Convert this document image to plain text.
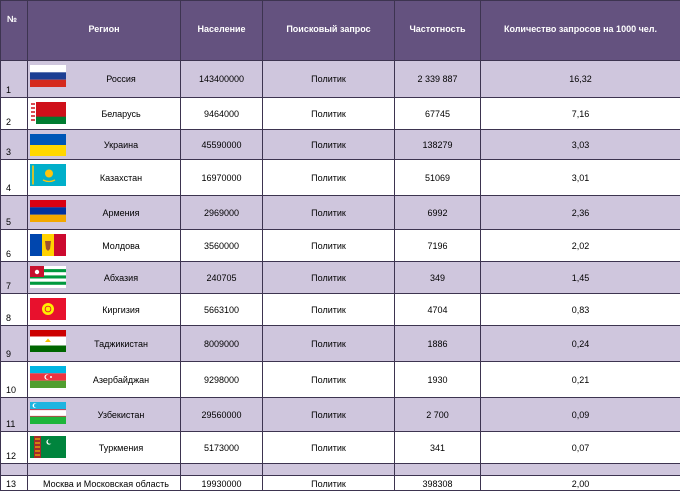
№	Регион	Население	Поисковый запрос	Частотность	Количество запросов на 1000 чел.
1	Россия	143400000	Политик	2 339 887	16,32
2	Беларусь	9464000	Политик	67745	7,16
3	Украина	45590000	Политик	138279	3,03
4	Казахстан	16970000	Политик	51069	3,01
5	Армения	2969000	Политик	6992	2,36
6	Молдова	3560000	Политик	7196	2,02
7	Абхазия	240705	Политик	349	1,45
8	Киргизия	5663100	Политик	4704	0,83
9	Таджикистан	8009000	Политик	1886	0,24
10	Азербайджан	9298000	Политик	1930	0,21
11	Узбекистан	29560000	Политик	2 700	0,09
12	Туркмения	5173000	Политик	341	0,07

13	Москва и Московская область	19930000	Политик	398308	2,00
